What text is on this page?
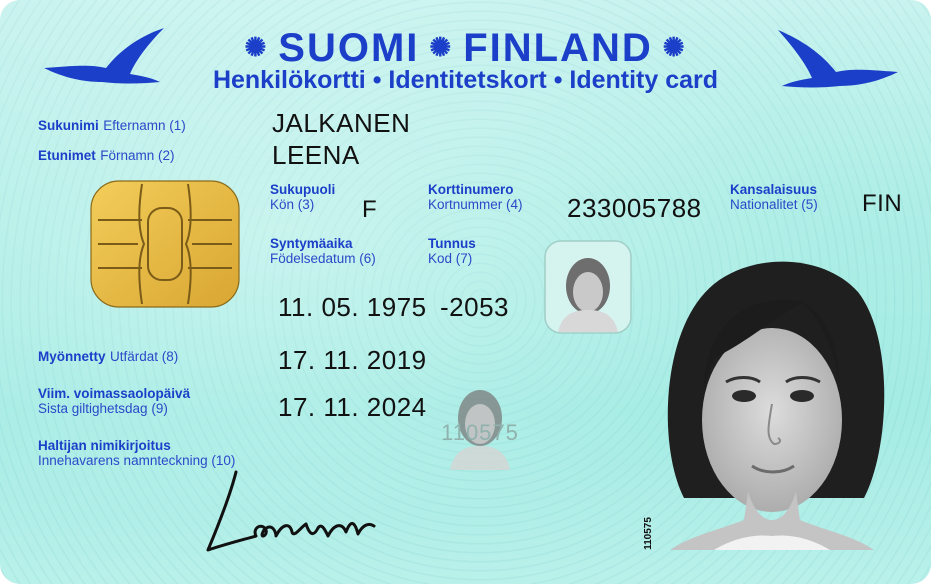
✺ SUOMI ✺ FINLAND ✺
Henkilökortti • Identitetskort • Identity card
Sukunimi Efternamn (1)	JALKANEN
Etunimet Förnamn (2)	LEENA
Sukupuoli
Kön (3)	F
Korttinumero
Kortnummer (4) 233005788
Kansalaisuus
Nationalitet (5) FIN
Syntymäaika
Födelsedatum (6)
11. 05. 1975
Tunnus
Kod (7)
-2053
Myönnetty Utfärdat (8)	17. 11. 2019
Viim. voimassaolopäivä
Sista giltighetsdag (9)	17. 11. 2024
110575
Haltijan nimikirjoitus
Innehavarens namnteckning (10)
110575
